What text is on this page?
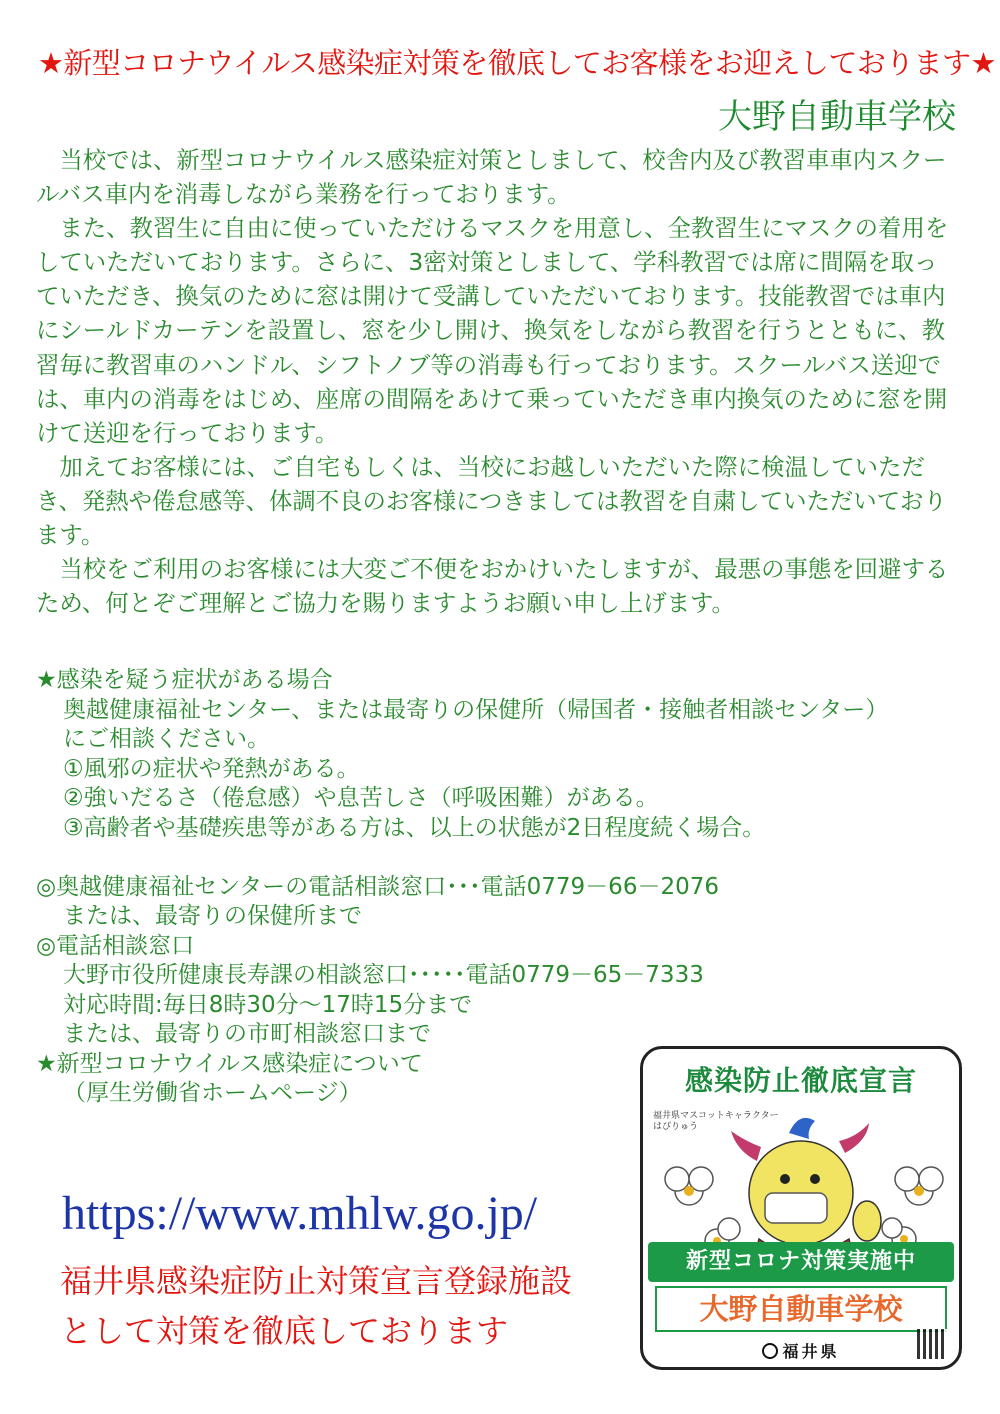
★新型コロナウイルス感染症対策を徹底してお客様をお迎えしております★
大野自動車学校

当校では、新型コロナウイルス感染症対策としまして、校舎内及び教習車車内スクールバス車内を消毒しながら業務を行っております。

また、教習生に自由に使っていただけるマスクを用意し、全教習生にマスクの着用をしていただいております。さらに、3密対策としまして、学科教習では席に間隔を取っていただき、換気のために窓は開けて受講していただいております。技能教習では車内にシールドカーテンを設置し、窓を少し開け、換気をしながら教習を行うとともに、教習毎に教習車のハンドル、シフトノブ等の消毒も行っております。スクールバス送迎では、車内の消毒をはじめ、座席の間隔をあけて乗っていただき車内換気のために窓を開けて送迎を行っております。

加えてお客様には、ご自宅もしくは、当校にお越しいただいた際に検温していただき、発熱や倦怠感等、体調不良のお客様につきましては教習を自粛していただいております。

当校をご利用のお客様には大変ご不便をおかけいたしますが、最悪の事態を回避するため、何とぞご理解とご協力を賜りますようお願い申し上げます。

★感染を疑う症状がある場合
奥越健康福祉センター、または最寄りの保健所（帰国者・接触者相談センター）
にご相談ください。
①風邪の症状や発熱がある。
②強いだるさ（倦怠感）や息苦しさ（呼吸困難）がある。
③高齢者や基礎疾患等がある方は、以上の状態が2日程度続く場合。
◎奥越健康福祉センターの電話相談窓口･･･電話0779－66－2076
または、最寄りの保健所まで
◎電話相談窓口
大野市役所健康長寿課の相談窓口･････電話0779－65－7333
対応時間:毎日8時30分～17時15分まで
または、最寄りの市町相談窓口まで
★新型コロナウイルス感染症について
（厚生労働省ホームページ）
https://www.mhlw.go.jp/
福井県感染症防止対策宣言登録施設
として対策を徹底しております
感染防止徹底宣言
福井県マスコットキャラクター
はぴりゅう
新型コロナ対策実施中
大野自動車学校
福井県
